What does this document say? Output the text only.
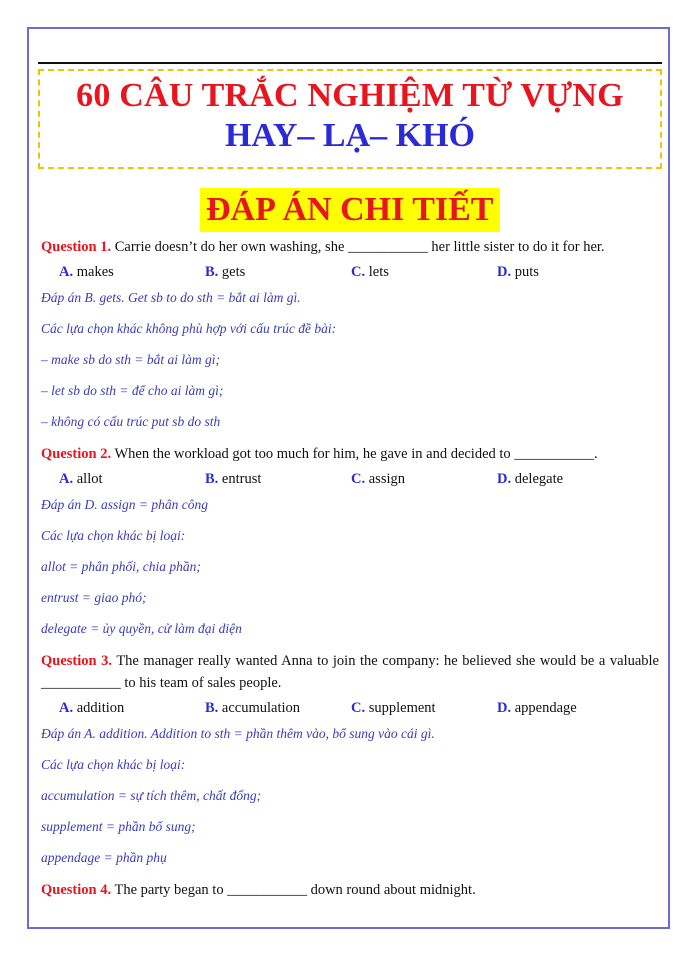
60 CÂU TRẮC NGHIỆM TỪ VỰNG
HAY– LẠ– KHÓ
ĐÁP ÁN CHI TIẾT
Question 1. Carrie doesn’t do her own washing, she ___________ her little sister to do it for her.
A. makes	B. gets	C. lets	D. puts
Đáp án B. gets. Get sb to do sth = bắt ai làm gì.
Các lựa chọn khác không phù hợp với cấu trúc đề bài:
– make sb do sth = bắt ai làm gì;
– let sb do sth = để cho ai làm gì;
– không có cấu trúc put sb do sth
Question 2. When the workload got too much for him, he gave in and decided to ___________.
A. allot	B. entrust	C. assign	D. delegate
Đáp án D. assign = phân công
Các lựa chọn khác bị loại:
allot = phân phối, chia phần;
entrust = giao phó;
delegate = ủy quyền, cử làm đại diện
Question 3. The manager really wanted Anna to join the company: he believed she would be a valuable ___________ to his team of sales people.
A. addition	B. accumulation	C. supplement	D. appendage
Đáp án A. addition. Addition to sth = phần thêm vào, bổ sung vào cái gì.
Các lựa chọn khác bị loại:
accumulation = sự tích thêm, chất đống;
supplement = phần bổ sung;
appendage = phần phụ
Question 4. The party began to ___________ down round about midnight.
